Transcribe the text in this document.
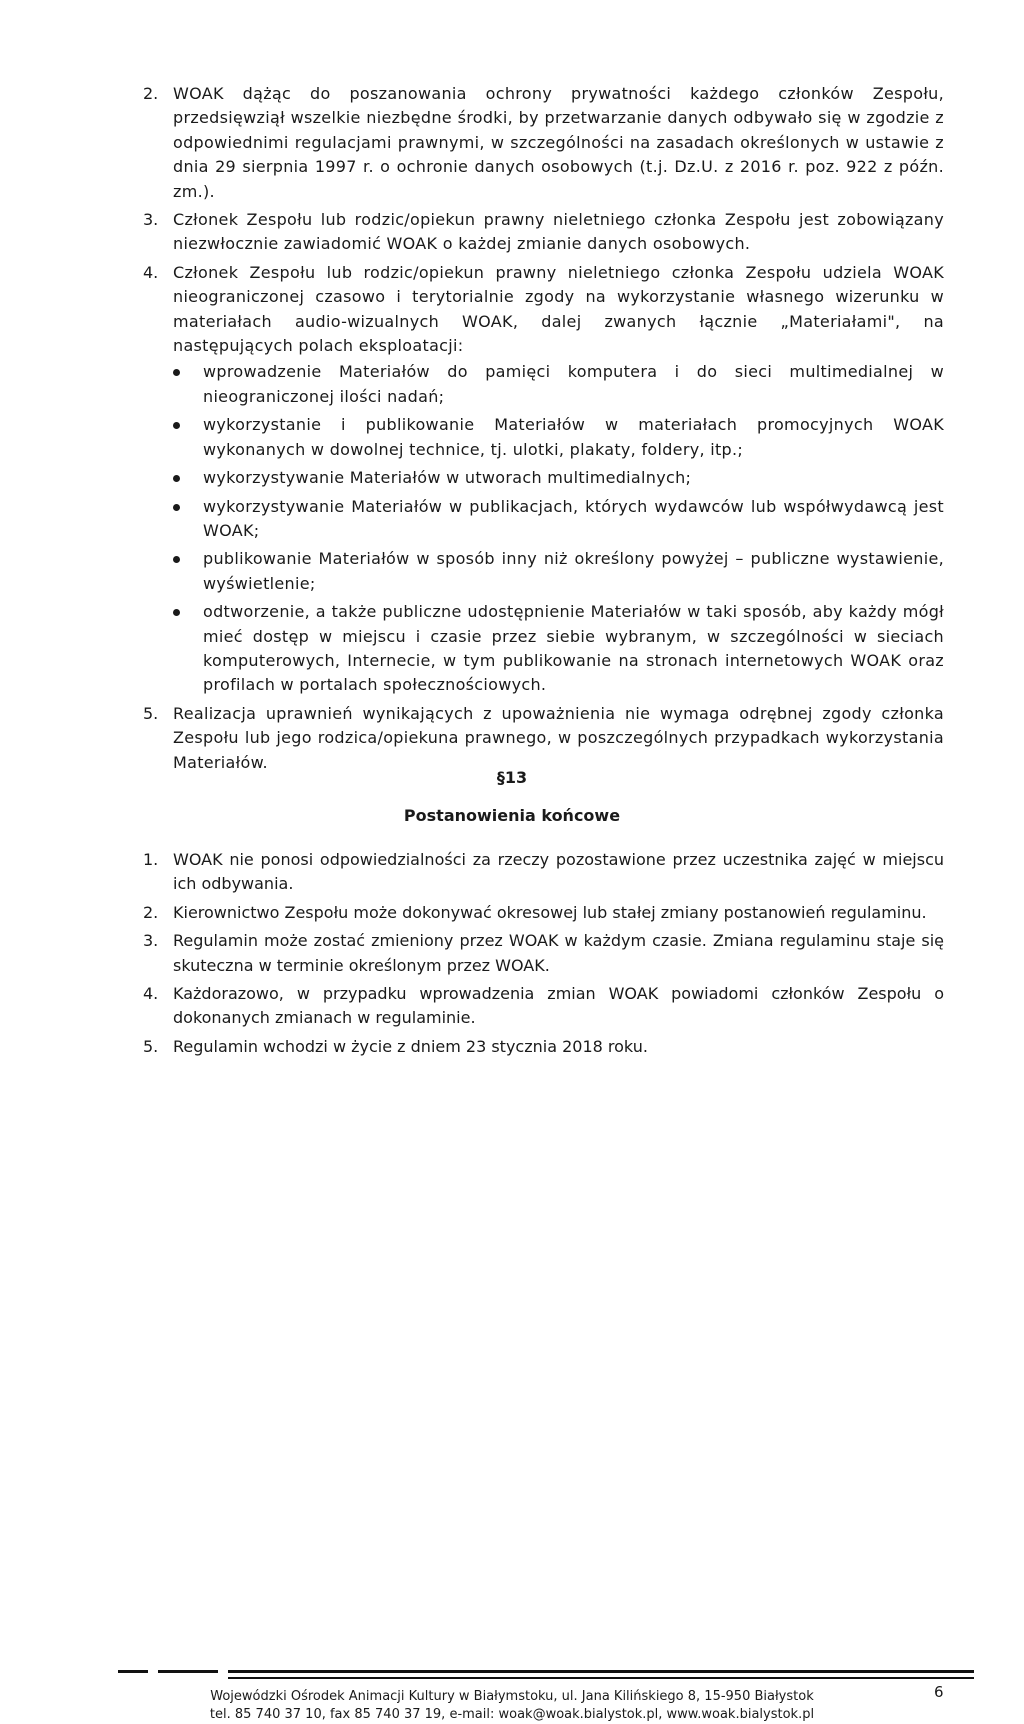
2. WOAK dążąc do poszanowania ochrony prywatności każdego członków Zespołu, przedsięwziął wszelkie niezbędne środki, by przetwarzanie danych odbywało się w zgodzie z odpowiednimi regulacjami prawnymi, w szczególności na zasadach określonych w ustawie z dnia 29 sierpnia 1997 r. o ochronie danych osobowych (t.j. Dz.U. z 2016 r. poz. 922 z późn. zm.).
3. Członek Zespołu lub rodzic/opiekun prawny nieletniego członka Zespołu jest zobowiązany niezwłocznie zawiadomić WOAK o każdej zmianie danych osobowych.
4. Członek Zespołu lub rodzic/opiekun prawny nieletniego członka Zespołu udziela WOAK nieograniczonej czasowo i terytorialnie zgody na wykorzystanie własnego wizerunku w materiałach audio-wizualnych WOAK, dalej zwanych łącznie „Materiałami", na następujących polach eksploatacji:
wprowadzenie Materiałów do pamięci komputera i do sieci multimedialnej w nieograniczonej ilości nadań;
wykorzystanie i publikowanie Materiałów w materiałach promocyjnych WOAK wykonanych w dowolnej technice, tj. ulotki, plakaty, foldery, itp.;
wykorzystywanie Materiałów w utworach multimedialnych;
wykorzystywanie Materiałów w publikacjach, których wydawców lub współwydawcą jest WOAK;
publikowanie Materiałów w sposób inny niż określony powyżej – publiczne wystawienie, wyświetlenie;
odtworzenie, a także publiczne udostępnienie Materiałów w taki sposób, aby każdy mógł mieć dostęp w miejscu i czasie przez siebie wybranym, w szczególności w sieciach komputerowych, Internecie, w tym publikowanie na stronach internetowych WOAK oraz profilach w portalach społecznościowych.
5. Realizacja uprawnień wynikających z upoważnienia nie wymaga odrębnej zgody członka Zespołu lub jego rodzica/opiekuna prawnego, w poszczególnych przypadkach wykorzystania Materiałów.
§13
Postanowienia końcowe
1. WOAK nie ponosi odpowiedzialności za rzeczy pozostawione przez uczestnika zajęć w miejscu ich odbywania.
2. Kierownictwo Zespołu może dokonywać okresowej lub stałej zmiany postanowień regulaminu.
3. Regulamin może zostać zmieniony przez WOAK w każdym czasie. Zmiana regulaminu staje się skuteczna w terminie określonym przez WOAK.
4. Każdorazowo, w przypadku wprowadzenia zmian WOAK powiadomi członków Zespołu o dokonanych zmianach w regulaminie.
5. Regulamin wchodzi w życie z dniem 23 stycznia 2018 roku.
Wojewódzki Ośrodek Animacji Kultury w Białymstoku, ul. Jana Kilińskiego 8, 15-950 Białystok
tel. 85 740 37 10, fax 85 740 37 19, e-mail: woak@woak.bialystok.pl, www.woak.bialystok.pl
6
